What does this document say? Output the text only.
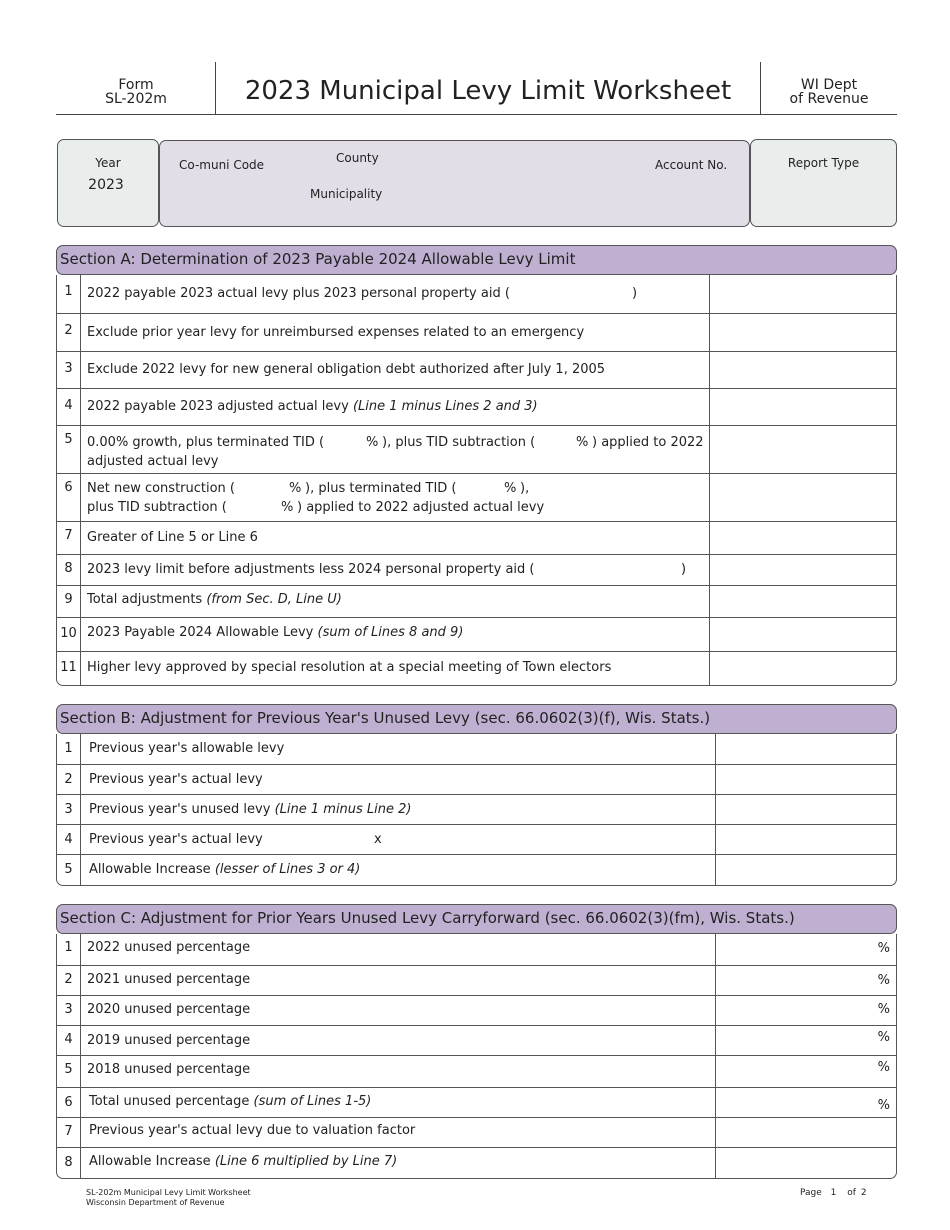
Form
SL-202m	2023 Municipal Levy Limit Worksheet	WI Dept
of Revenue
Year
2023
Co-muni Code	County
Municipality
Account No.	Report Type
Section A: Determination of 2023 Payable 2024 Allowable Levy Limit
1	2022 payable 2023 actual levy plus 2023 personal property aid (	)
2	Exclude prior year levy for unreimbursed expenses related to an emergency
3	Exclude 2022 levy for new general obligation debt authorized after July 1, 2005
4	2022 payable 2023 adjusted actual levy (Line 1 minus Lines 2 and 3)
5	0.00% growth, plus terminated TID (	% ), plus TID subtraction (	% ) applied to 2022
adjusted actual levy
6	Net new construction (	% ), plus terminated TID (	% ),
plus TID subtraction (	% ) applied to 2022 adjusted actual levy
7	Greater of Line 5 or Line 6
8	2023 levy limit before adjustments less 2024 personal property aid (	)
9	Total adjustments (from Sec. D, Line U)
10 2023 Payable 2024 Allowable Levy (sum of Lines 8 and 9)
11 Higher levy approved by special resolution at a special meeting of Town electors
Section B: Adjustment for Previous Year's Unused Levy (sec. 66.0602(3)(f), Wis. Stats.)
1	Previous year's allowable levy
2	Previous year's actual levy
3	Previous year's unused levy (Line 1 minus Line 2)
4	Previous year's actual levy	x
5	Allowable Increase (lesser of Lines 3 or 4)
Section C: Adjustment for Prior Years Unused Levy Carryforward (sec. 66.0602(3)(fm), Wis. Stats.)
1	2022 unused percentage	%
2	2021 unused percentage	%
3	2020 unused percentage	%
4	2019 unused percentage	%
5	2018 unused percentage	%
6	Total unused percentage (sum of Lines 1-5)	%
7	Previous year's actual levy due to valuation factor
8	Allowable Increase (Line 6 multiplied by Line 7)
SL-202m Municipal Levy Limit Worksheet
Wisconsin Department of Revenue
Page 1 of 2
